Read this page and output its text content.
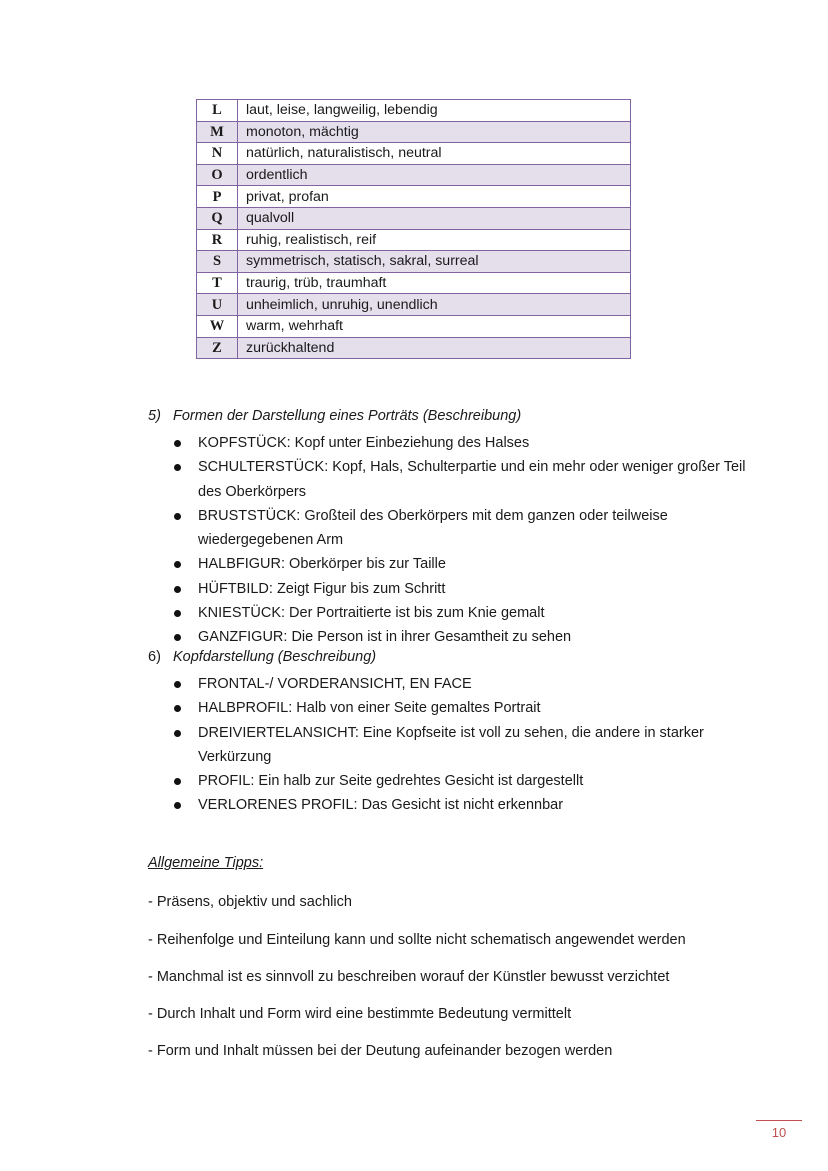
L	laut, leise, langweilig, lebendig
M	monoton, mächtig
N	natürlich, naturalistisch, neutral
O	ordentlich
P	privat, profan
Q	qualvoll
R	ruhig, realistisch, reif
S	symmetrisch, statisch, sakral, surreal
T	traurig, trüb, traumhaft
U	unheimlich, unruhig, unendlich
W	warm, wehrhaft
Z	zurückhaltend
5) Formen der Darstellung eines Porträts (Beschreibung)
KOPFSTÜCK: Kopf unter Einbeziehung des Halses
SCHULTERSTÜCK: Kopf, Hals, Schulterpartie und ein mehr oder weniger großer Teil des Oberkörpers
BRUSTSTÜCK: Großteil des Oberkörpers mit dem ganzen oder teilweise wiedergegebenen Arm
HALBFIGUR: Oberkörper bis zur Taille
HÜFTBILD: Zeigt Figur bis zum Schritt
KNIESTÜCK: Der Portraitierte ist bis zum Knie gemalt
GANZFIGUR: Die Person ist in ihrer Gesamtheit zu sehen
6) Kopfdarstellung (Beschreibung)
FRONTAL-/ VORDERANSICHT, EN FACE
HALBPROFIL: Halb von einer Seite gemaltes Portrait
DREIVIERTELANSICHT: Eine Kopfseite ist voll zu sehen, die andere in starker Verkürzung
PROFIL: Ein halb zur Seite gedrehtes Gesicht ist dargestellt
VERLORENES PROFIL: Das Gesicht ist nicht erkennbar
Allgemeine Tipps:
- Präsens, objektiv und sachlich
- Reihenfolge und Einteilung kann und sollte nicht schematisch angewendet werden
- Manchmal ist es sinnvoll zu beschreiben worauf der Künstler bewusst verzichtet
- Durch Inhalt und Form wird eine bestimmte Bedeutung vermittelt
- Form und Inhalt müssen bei der Deutung aufeinander bezogen werden
10
